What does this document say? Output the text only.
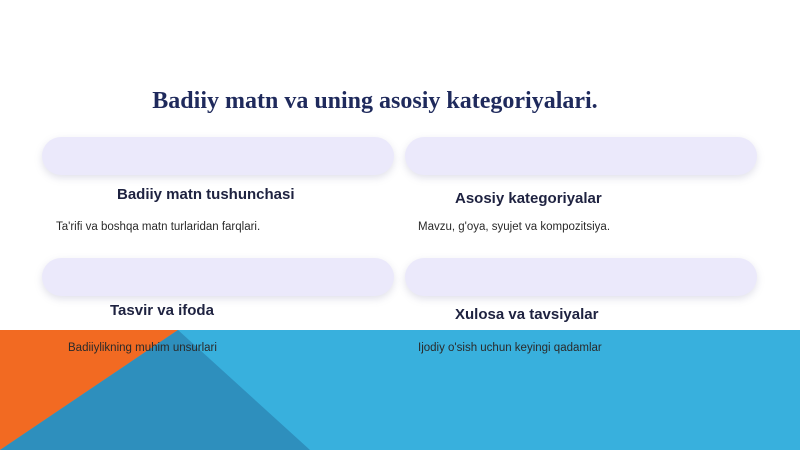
Badiiy matn va uning asosiy kategoriyalari.
Badiiy matn tushunchasi
Ta'rifi va boshqa matn turlaridan farqlari.
Asosiy kategoriyalar
Mavzu, g'oya, syujet va kompozitsiya.
Tasvir va ifoda
Badiiylikning muhim unsurlari
Xulosa va tavsiyalar
Ijodiy o'sish uchun keyingi qadamlar
